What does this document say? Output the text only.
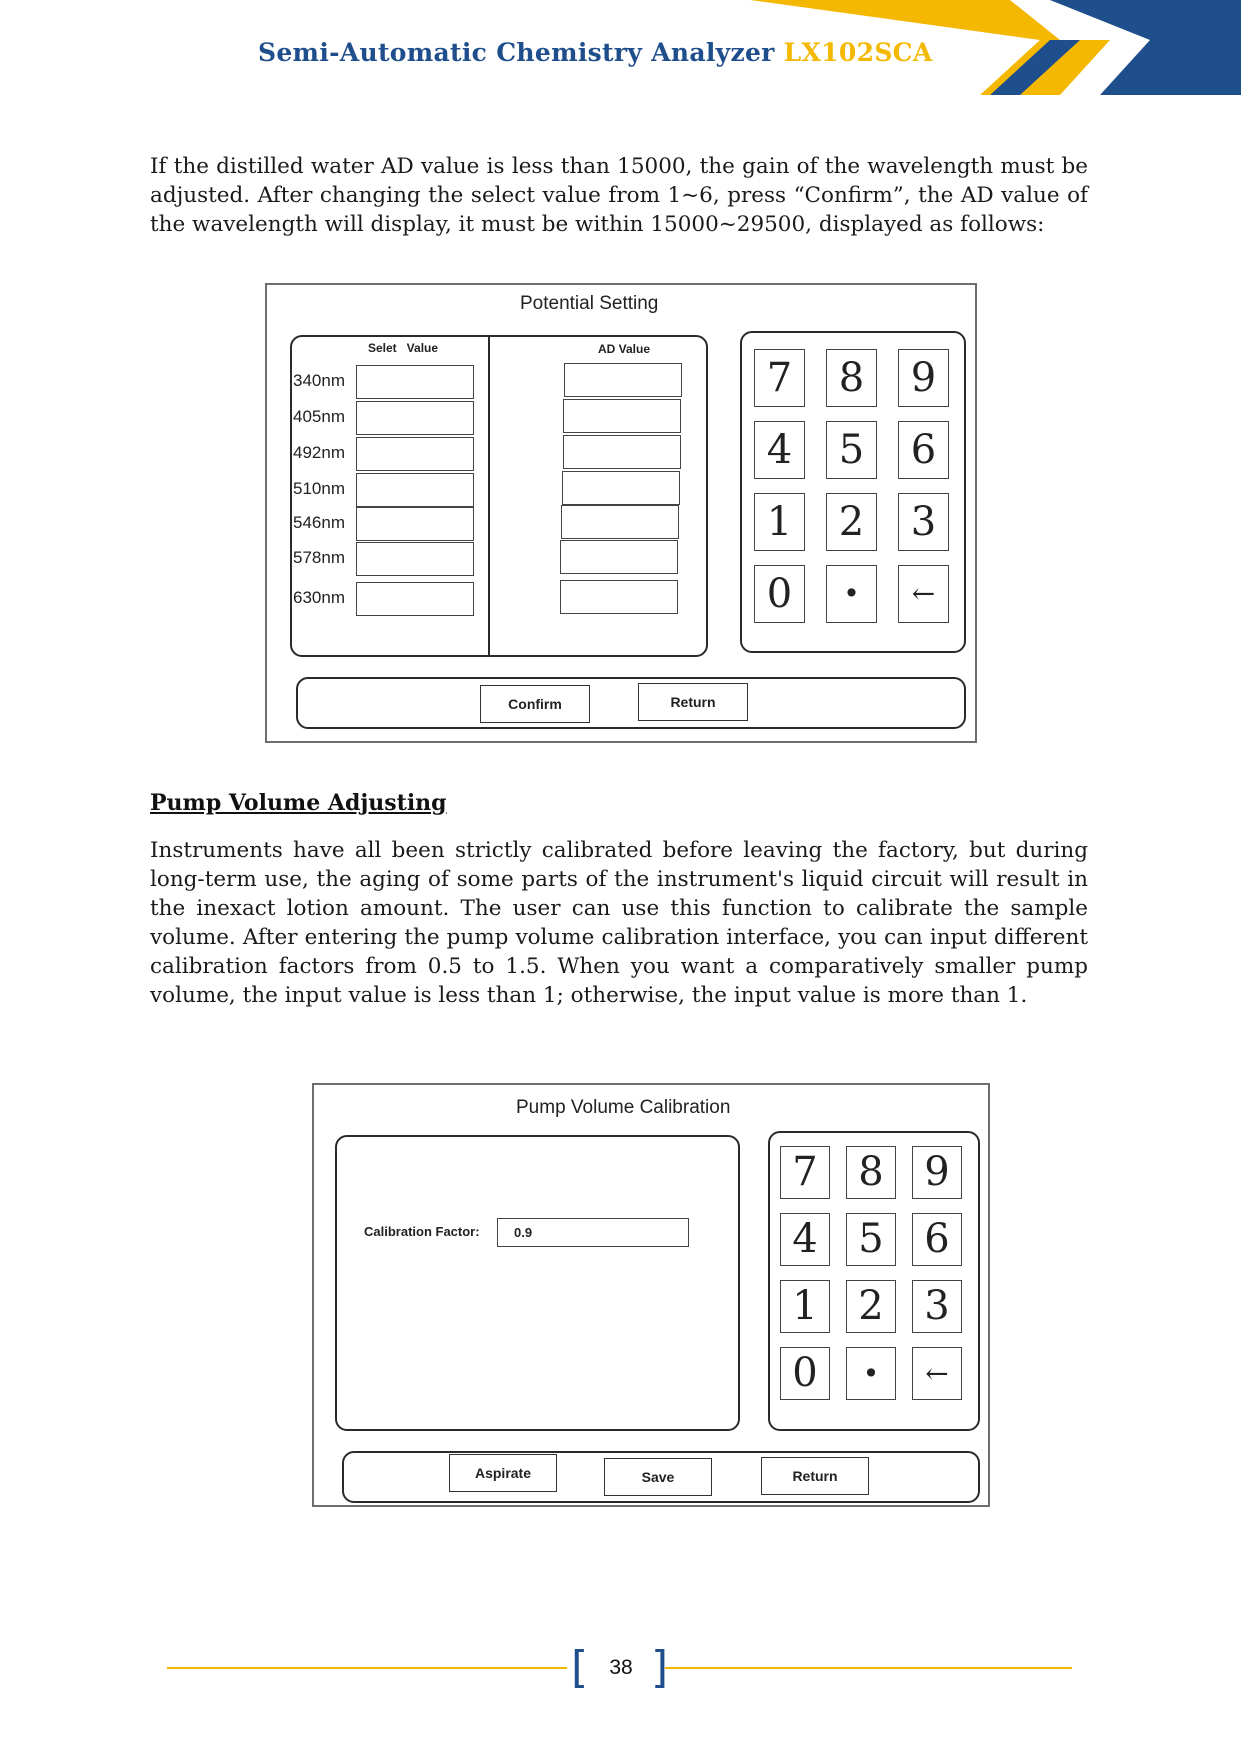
Semi-Automatic Chemistry Analyzer LX102SCA
If the distilled water AD value is less than 15000, the gain of the wavelength must be adjusted. After changing the select value from 1~6, press “Confirm”, the AD value of the wavelength will display, it must be within 15000~29500, displayed as follows:
Potential Setting
Selet   Value	AD Value
340nm
405nm
492nm
510nm
546nm
578nm
630nm
7	8	9
4	5	6
1	2	3
0	•	←
Confirm	Return
Pump Volume Adjusting
Instruments have all been strictly calibrated before leaving the factory, but during long-term use, the aging of some parts of the instrument's liquid circuit will result in the inexact lotion amount. The user can use this function to calibrate the sample volume. After entering the pump volume calibration interface, you can input different calibration factors from 0.5 to 1.5. When you want a comparatively smaller pump volume, the input value is less than 1; otherwise, the input value is more than 1.
Pump Volume Calibration
Calibration Factor:	0.9
7	8	9
4	5	6
1	2	3
0	•	←
Aspirate	Save	Return
[ ]
38
